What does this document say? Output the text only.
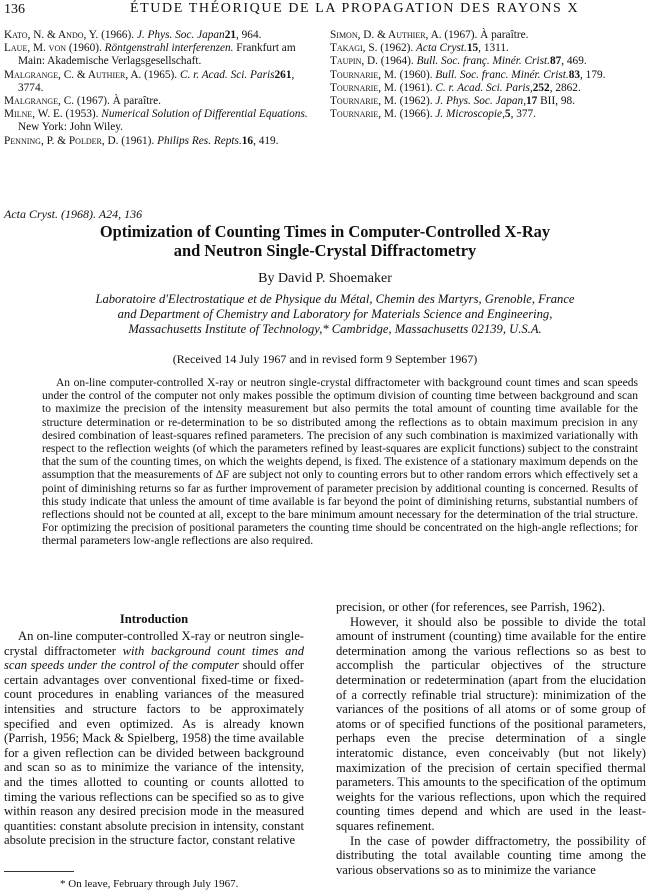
136	ÉTUDE THÉORIQUE DE LA PROPAGATION DES RAYONS X
Kato, N. & Ando, Y. (1966). J. Phys. Soc. Japan21, 964.
Laue, M. von (1960). Röntgenstrahl interferenzen. Frankfurt am Main: Akademische Verlagsgesellschaft.
Malgrange, C. & Authier, A. (1965). C. r. Acad. Sci. Paris261, 3774.
Malgrange, C. (1967). À paraître.
Milne, W. E. (1953). Numerical Solution of Differential Equations. New York: John Wiley.
Penning, P. & Polder, D. (1961). Philips Res. Repts.16, 419.
Simon, D. & Authier, A. (1967). À paraître.
Takagi, S. (1962). Acta Cryst.15, 1311.
Taupin, D. (1964). Bull. Soc. franç. Minér. Crist.87, 469.
Tournarie, M. (1960). Bull. Soc. franc. Minér. Crist.83, 179.
Tournarie, M. (1961). C. r. Acad. Sci. Paris,252, 2862.
Tournarie, M. (1962). J. Phys. Soc. Japan,17 BII, 98.
Tournarie, M. (1966). J. Microscopie,5, 377.
Acta Cryst. (1968). A24, 136
Optimization of Counting Times in Computer-Controlled X-Ray
and Neutron Single-Crystal Diffractometry
By David P. Shoemaker
Laboratoire d'Electrostatique et de Physique du Métal, Chemin des Martyrs, Grenoble, France
and Department of Chemistry and Laboratory for Materials Science and Engineering,
Massachusetts Institute of Technology,* Cambridge, Massachusetts 02139, U.S.A.
(Received 14 July 1967 and in revised form 9 September 1967)
An on-line computer-controlled X-ray or neutron single-crystal diffractometer with background count times and scan speeds under the control of the computer not only makes possible the optimum division of counting time between background and scan to maximize the precision of the intensity measurement but also permits the total amount of counting time available for the structure determination or re-determination to be so distributed among the reflections as to obtain maximum precision in any desired combination of least-squares refined parameters. The precision of any such combination is maximized variationally with respect to the reflection weights (of which the parameters refined by least-squares are explicit functions) subject to the constraint that the sum of the counting times, on which the weights depend, is fixed. The existence of a stationary maximum depends on the assumption that the measurements of ΔF are subject not only to counting errors but to other random errors which effectively set a point of diminishing returns so far as further improvement of parameter precision by additional counting is concerned. Results of this study indicate that unless the amount of time available is far beyond the point of diminishing returns, substantial numbers of reflections should not be counted at all, except to the bare minimum amount necessary for the determination of the trial structure. For optimizing the precision of positional parameters the counting time should be concentrated on the high-angle reflections; for thermal parameters low-angle reflections are also required.
Introduction

An on-line computer-controlled X-ray or neutron single-crystal diffractometer with background count times and scan speeds under the control of the computer should offer certain advantages over conventional fixed-time or fixed-count procedures in enabling variances of the measured intensities and structure factors to be approximately specified and even optimized. As is already known (Parrish, 1956; Mack & Spielberg, 1958) the time available for a given reflection can be divided between background and scan so as to minimize the variance of the intensity, and the times allotted to counting or counts allotted to timing the various reflections can be specified so as to give within reason any desired precision mode in the measured quantities: constant absolute precision in intensity, constant absolute precision in the structure factor, constant relative

precision, or other (for references, see Parrish, 1962).

However, it should also be possible to divide the total amount of instrument (counting) time available for the entire determination among the various reflections so as best to accomplish the particular objectives of the structure determination or redetermination (apart from the elucidation of a correctly refinable trial structure): minimization of the variances of the positions of all atoms or of some group of atoms or of specified functions of the positional parameters, perhaps even the precise determination of a single interatomic distance, even conceivably (but not likely) maximization of the precision of certain specified thermal parameters. This amounts to the specification of the optimum weights for the various reflections, upon which the required counting times depend and which are used in the least-squares refinement.

In the case of powder diffractometry, the possibility of distributing the total available counting time among the various observations so as to minimize the variance

* On leave, February through July 1967.
